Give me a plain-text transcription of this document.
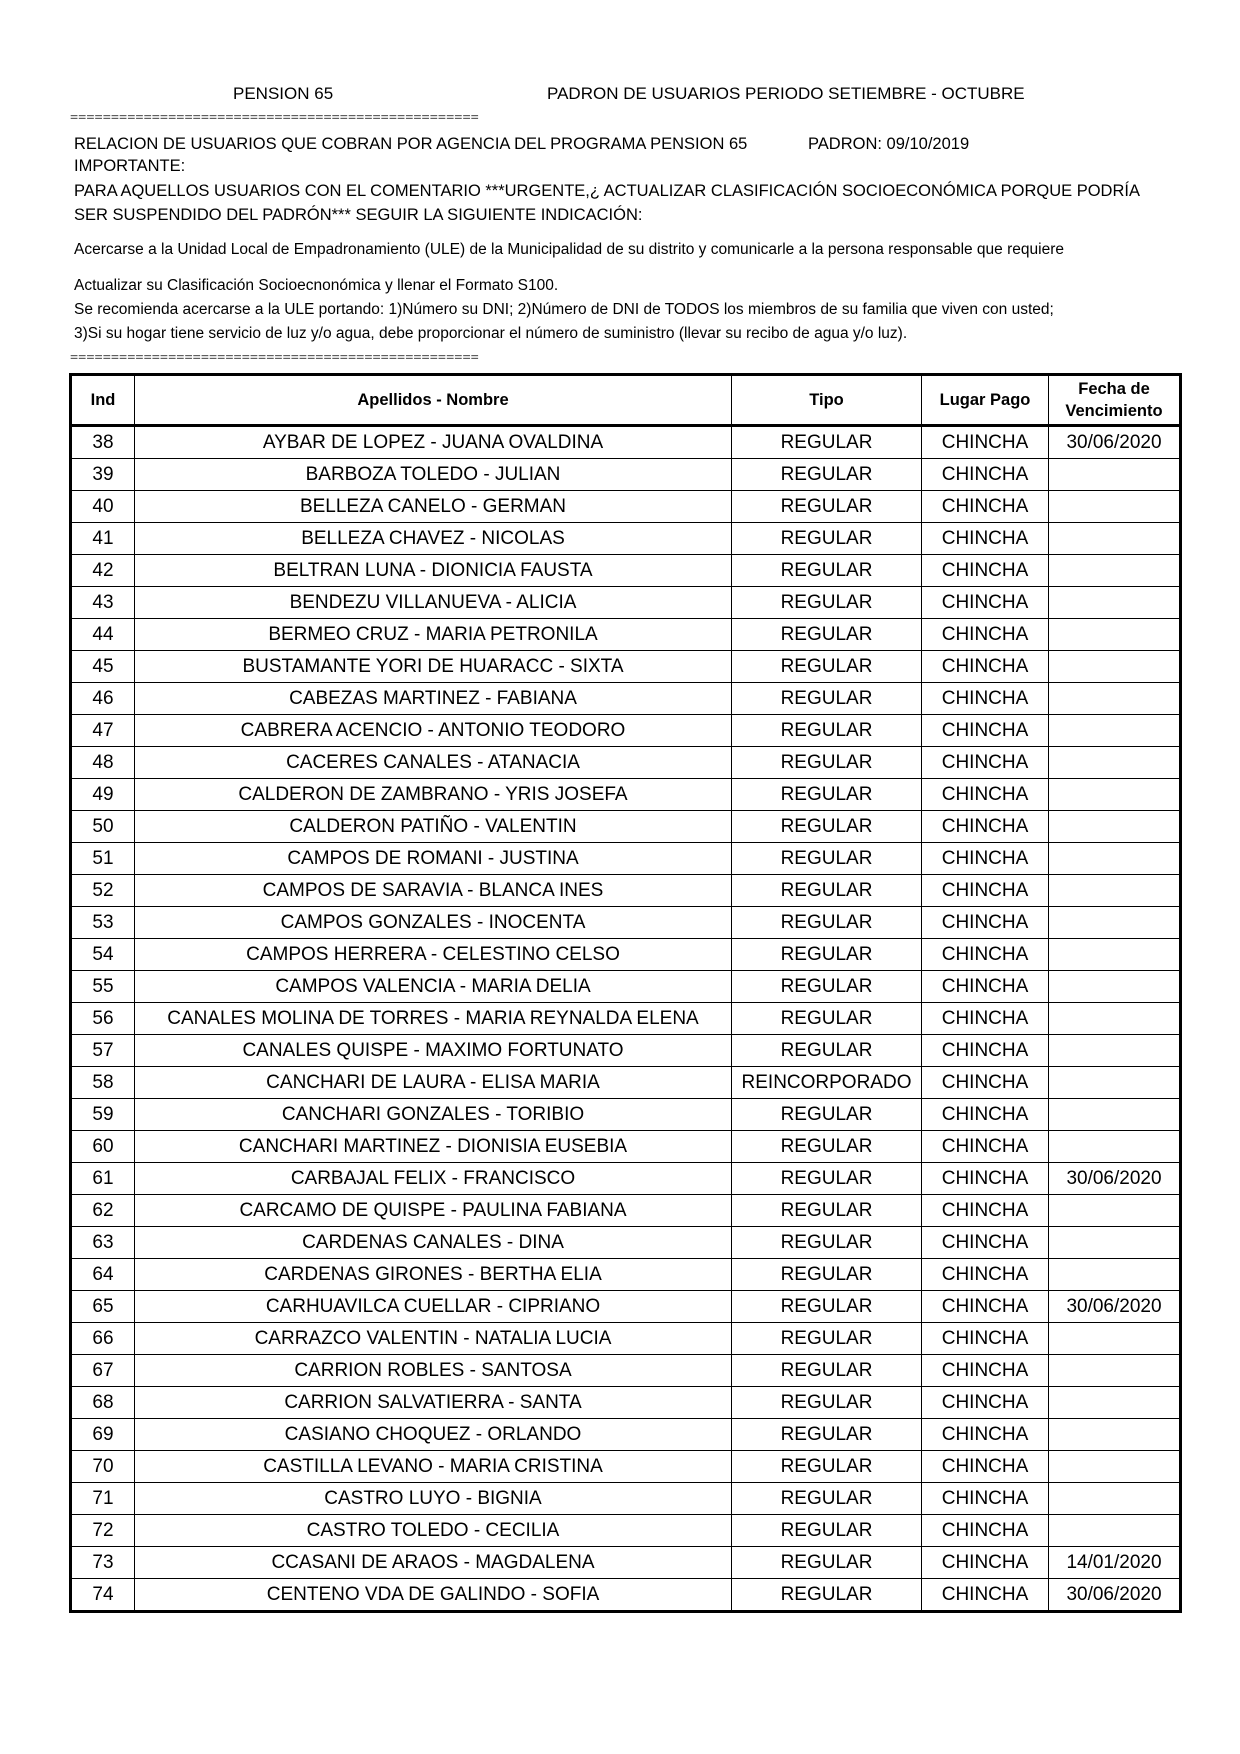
PENSION 65	PADRON DE USUARIOS PERIODO SETIEMBRE - OCTUBRE
==================================================
RELACION DE USUARIOS QUE COBRAN POR AGENCIA DEL PROGRAMA PENSION 65	PADRON: 09/10/2019
IMPORTANTE:
PARA AQUELLOS USUARIOS CON EL COMENTARIO ***URGENTE,¿ ACTUALIZAR CLASIFICACIÓN SOCIOECONÓMICA PORQUE PODRÍA
SER SUSPENDIDO DEL PADRÓN*** SEGUIR LA SIGUIENTE INDICACIÓN:
Acercarse a la Unidad Local de Empadronamiento (ULE) de la Municipalidad de su distrito y comunicarle a la persona responsable que requiere
Actualizar su Clasificación Socioecnonómica y llenar el Formato S100.
Se recomienda acercarse a la ULE portando: 1)Número su DNI; 2)Número de DNI de TODOS los miembros de su familia que viven con usted;
3)Si su hogar tiene servicio de luz y/o agua, debe proporcionar el número de suministro (llevar su recibo de agua y/o luz).
==================================================
Ind	Apellidos - Nombre	Tipo	Lugar Pago	Fecha de
Vencimiento
38	AYBAR DE LOPEZ - JUANA OVALDINA	REGULAR	CHINCHA	30/06/2020
39	BARBOZA TOLEDO - JULIAN	REGULAR	CHINCHA	
40	BELLEZA CANELO - GERMAN	REGULAR	CHINCHA	
41	BELLEZA CHAVEZ - NICOLAS	REGULAR	CHINCHA	
42	BELTRAN LUNA - DIONICIA FAUSTA	REGULAR	CHINCHA	
43	BENDEZU VILLANUEVA - ALICIA	REGULAR	CHINCHA	
44	BERMEO CRUZ - MARIA PETRONILA	REGULAR	CHINCHA	
45	BUSTAMANTE YORI DE HUARACC - SIXTA	REGULAR	CHINCHA	
46	CABEZAS MARTINEZ - FABIANA	REGULAR	CHINCHA	
47	CABRERA ACENCIO - ANTONIO TEODORO	REGULAR	CHINCHA	
48	CACERES CANALES - ATANACIA	REGULAR	CHINCHA	
49	CALDERON DE ZAMBRANO - YRIS JOSEFA	REGULAR	CHINCHA	
50	CALDERON PATIÑO - VALENTIN	REGULAR	CHINCHA	
51	CAMPOS DE ROMANI - JUSTINA	REGULAR	CHINCHA	
52	CAMPOS DE SARAVIA - BLANCA INES	REGULAR	CHINCHA	
53	CAMPOS GONZALES - INOCENTA	REGULAR	CHINCHA	
54	CAMPOS HERRERA - CELESTINO CELSO	REGULAR	CHINCHA	
55	CAMPOS VALENCIA - MARIA DELIA	REGULAR	CHINCHA	
56	CANALES MOLINA DE TORRES - MARIA REYNALDA ELENA	REGULAR	CHINCHA	
57	CANALES QUISPE - MAXIMO FORTUNATO	REGULAR	CHINCHA	
58	CANCHARI DE LAURA - ELISA MARIA	REINCORPORADO	CHINCHA	
59	CANCHARI GONZALES - TORIBIO	REGULAR	CHINCHA	
60	CANCHARI MARTINEZ - DIONISIA EUSEBIA	REGULAR	CHINCHA	
61	CARBAJAL FELIX - FRANCISCO	REGULAR	CHINCHA	30/06/2020
62	CARCAMO DE QUISPE - PAULINA FABIANA	REGULAR	CHINCHA	
63	CARDENAS CANALES - DINA	REGULAR	CHINCHA	
64	CARDENAS GIRONES - BERTHA ELIA	REGULAR	CHINCHA	
65	CARHUAVILCA CUELLAR - CIPRIANO	REGULAR	CHINCHA	30/06/2020
66	CARRAZCO VALENTIN - NATALIA LUCIA	REGULAR	CHINCHA	
67	CARRION ROBLES - SANTOSA	REGULAR	CHINCHA	
68	CARRION SALVATIERRA - SANTA	REGULAR	CHINCHA	
69	CASIANO CHOQUEZ - ORLANDO	REGULAR	CHINCHA	
70	CASTILLA LEVANO - MARIA CRISTINA	REGULAR	CHINCHA	
71	CASTRO LUYO - BIGNIA	REGULAR	CHINCHA	
72	CASTRO TOLEDO - CECILIA	REGULAR	CHINCHA	
73	CCASANI DE ARAOS - MAGDALENA	REGULAR	CHINCHA	14/01/2020
74	CENTENO VDA DE GALINDO - SOFIA	REGULAR	CHINCHA	30/06/2020
